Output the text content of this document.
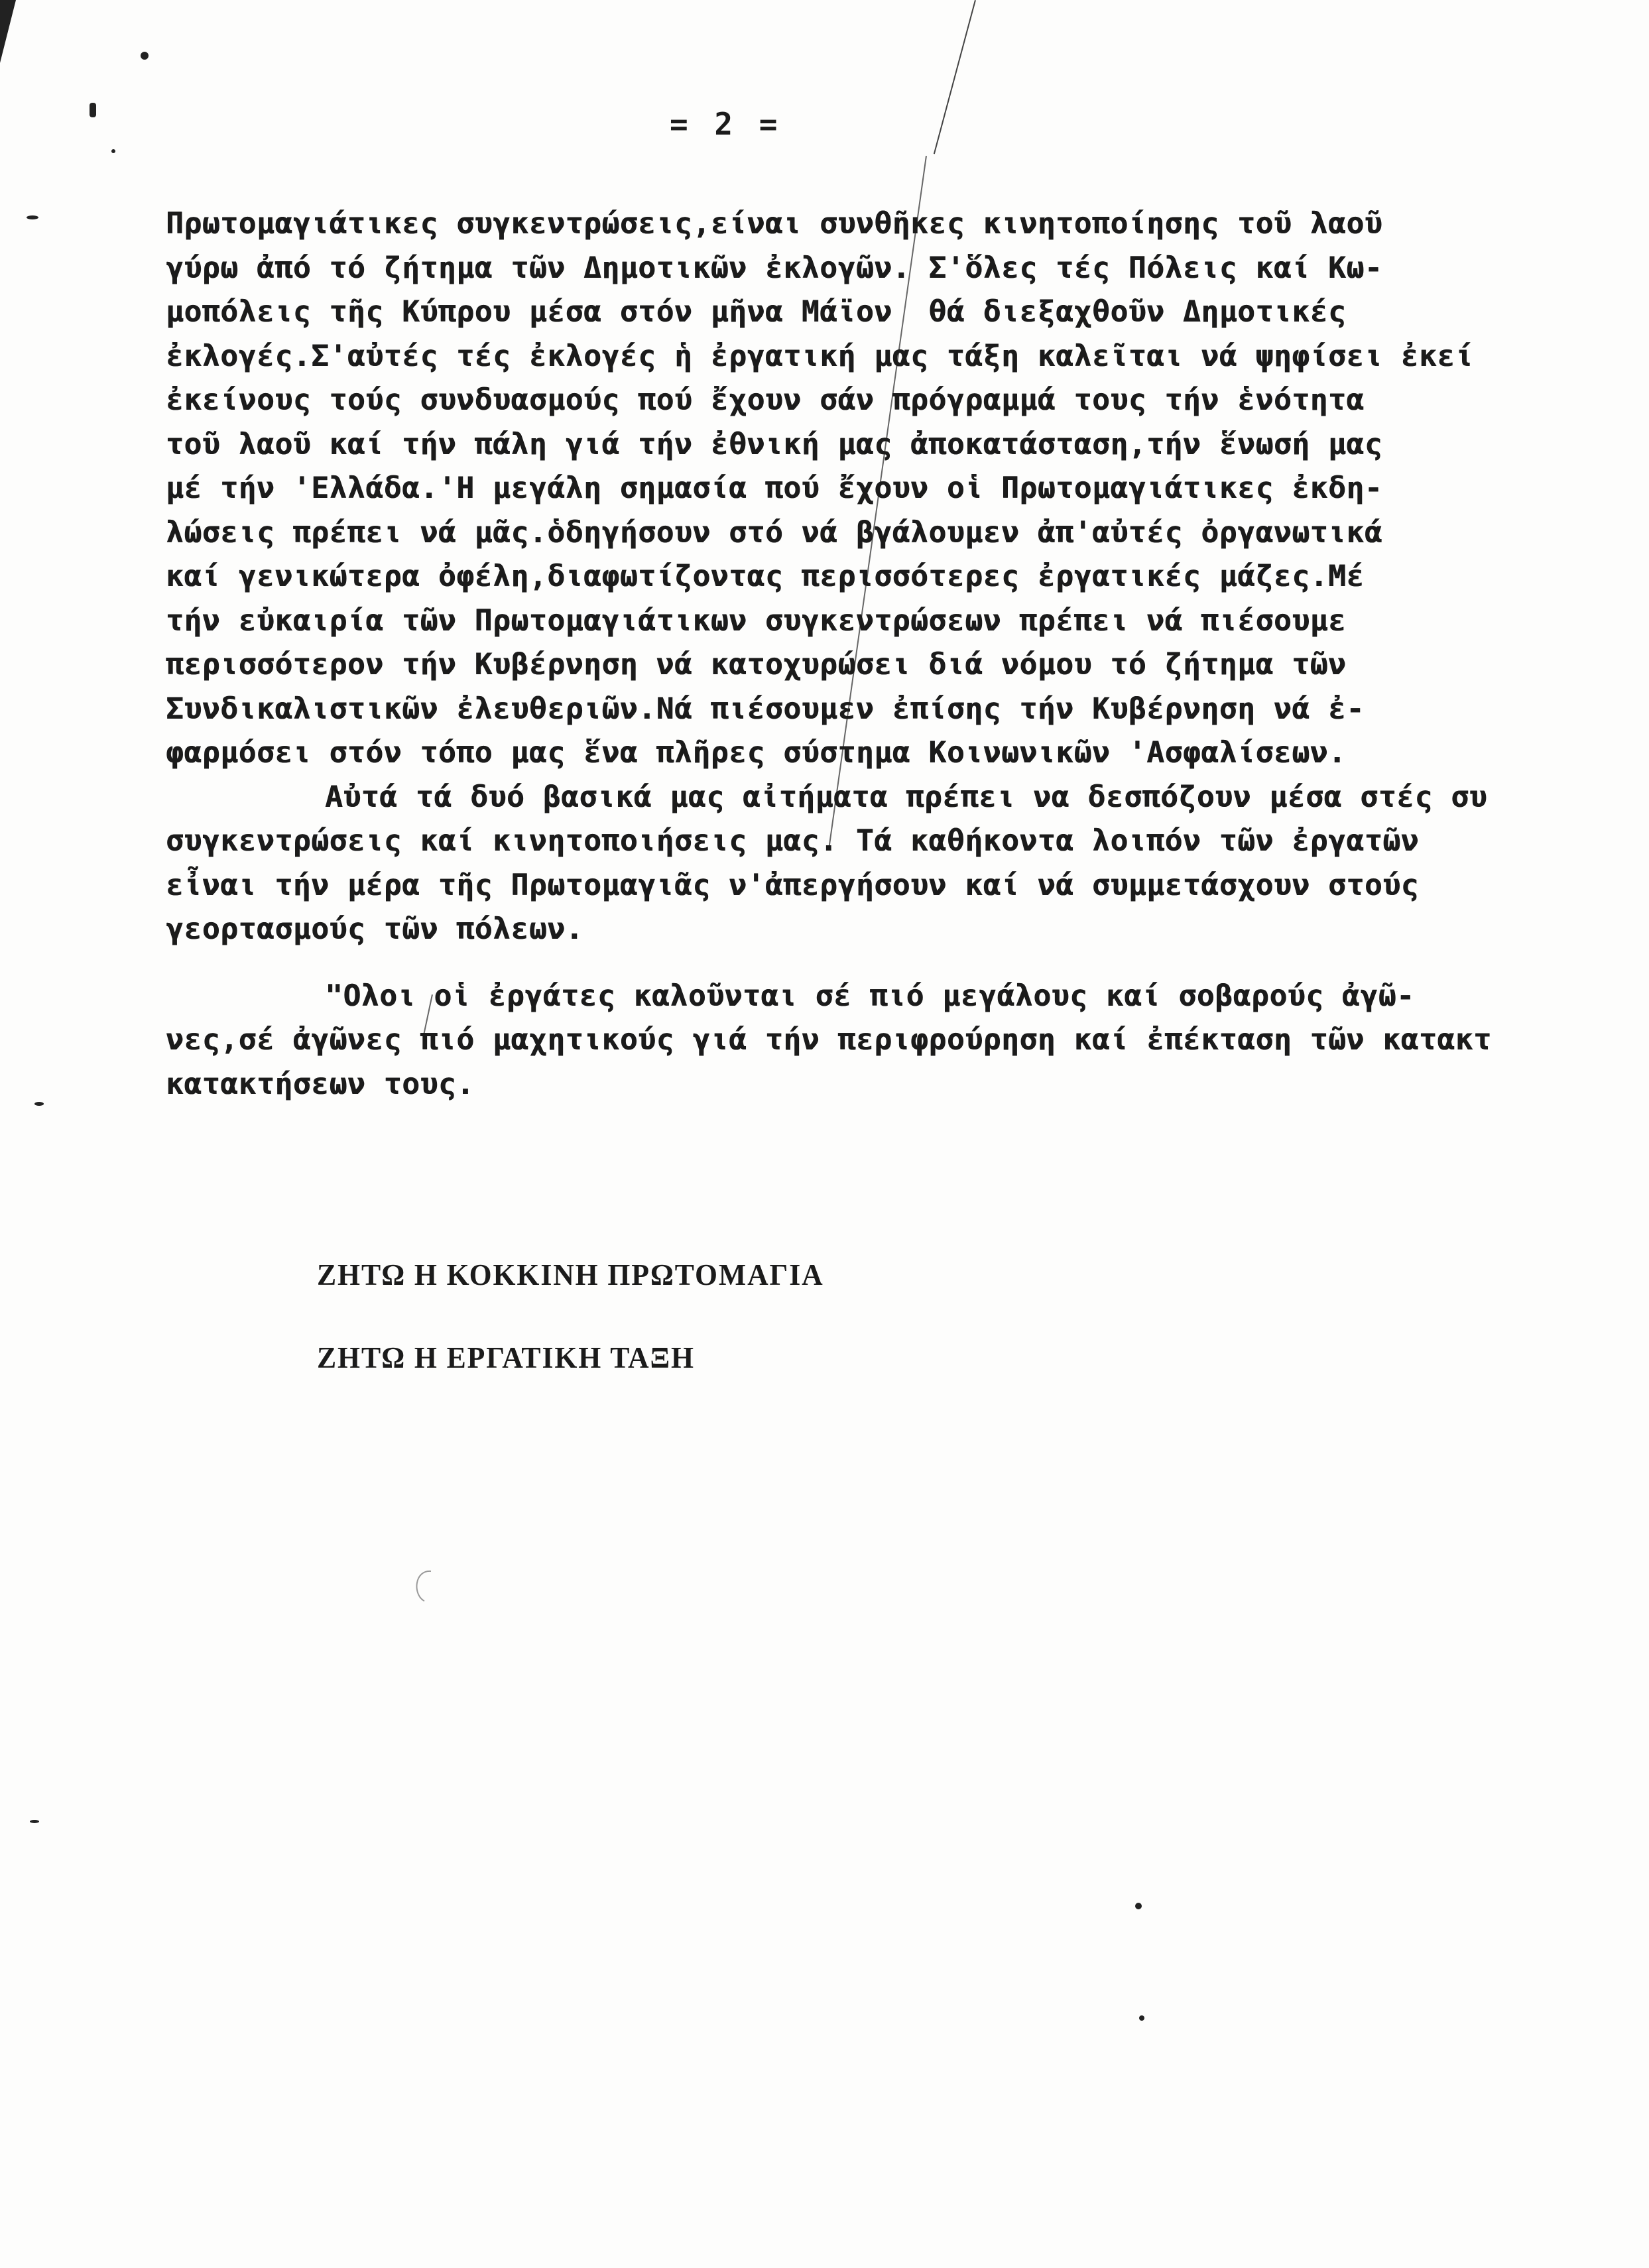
= 2 =
Πρωτομαγιάτικες συγκεντρώσεις,είναι συνθῆκες κινητοποίησης τοῦ λαοῦ
γύρω ἀπό τό ζήτημα τῶν Δημοτικῶν ἐκλογῶν. Σ'ὅλες τές Πόλεις καί Κω-
μοπόλεις τῆς Κύπρου μέσα στόν μῆνα Μάϊον  θά διεξαχθοῦν Δημοτικές
ἐκλογές.Σ'αὐτές τές ἐκλογές ἡ ἐργατική μας τάξη καλεῖται νά ψηφίσει ἐκεί
ἐκείνους τούς συνδυασμούς πού ἔχουν σάν πρόγραμμά τους τήν ἑνότητα
τοῦ λαοῦ καί τήν πάλη γιά τήν ἐθνική μας ἀποκατάσταση,τήν ἕνωσή μας
μέ τήν 'Ελλάδα.'Η μεγάλη σημασία πού ἔχουν οἱ Πρωτομαγιάτικες ἐκδη-
λώσεις πρέπει νά μᾶς.ὁδηγήσουν στό νά βγάλουμεν ἀπ'αὐτές ὀργανωτικά
καί γενικώτερα ὀφέλη,διαφωτίζοντας περισσότερες ἐργατικές μάζες.Μέ
τήν εὐκαιρία τῶν Πρωτομαγιάτικων συγκεντρώσεων πρέπει νά πιέσουμε
περισσότερον τήν Κυβέρνηση νά κατοχυρώσει διά νόμου τό ζήτημα τῶν
Συνδικαλιστικῶν ἐλευθεριῶν.Νά πιέσουμεν ἐπίσης τήν Κυβέρνηση νά ἐ-
φαρμόσει στόν τόπο μας ἕνα πλῆρες σύστημα Κοινωνικῶν 'Ασφαλίσεων.
Αὐτά τά δυό βασικά μας αἰτήματα πρέπει να δεσπόζουν μέσα στές συ
συγκεντρώσεις καί κινητοποιήσεις μας. Τά καθήκοντα λοιπόν τῶν ἐργατῶν
εἶναι τήν μέρα τῆς Πρωτομαγιᾶς ν'ἀπεργήσουν καί νά συμμετάσχουν στούς
γεορτασμούς τῶν πόλεων.
"Ολοι οἱ ἐργάτες καλοῦνται σέ πιό μεγάλους καί σοβαρούς ἀγῶ-
νες,σέ ἀγῶνες πιό μαχητικούς γιά τήν περιφρούρηση καί ἐπέκταση τῶν κατακτ
κατακτήσεων τους.
ΖΗΤΩ Η ΚΟΚΚΙΝΗ ΠΡΩΤΟΜΑΓΙΑ
ΖΗΤΩ Η ΕΡΓΑΤΙΚΗ ΤΑΞΗ
